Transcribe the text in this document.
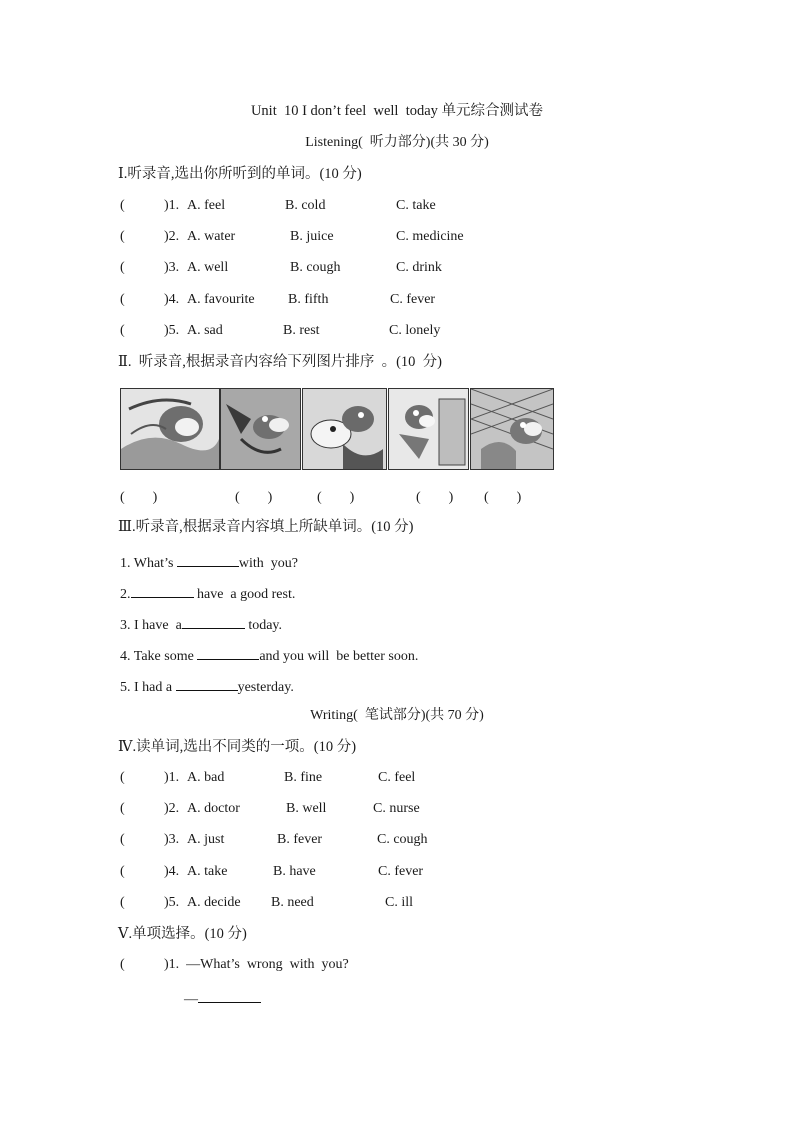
Unit  10 I don’t feel  well  today 单元综合测试卷
Listening(  听力部分)(共 30 分)
Ⅰ.听录音,选出你所听到的单词。(10 分)
(	)1. A. feel	B. cold	C. take
(	)2. A. water	B. juice	C. medicine
(	)3. A. well	B. cough	C. drink
(	)4. A. favourite B. fifth	C. fever
(	)5. A. sad	B. rest	C. lonely
Ⅱ.  听录音,根据录音内容给下列图片排序  。(10  分)
(        )	(        )	(        )	(        ) (        )
Ⅲ.听录音,根据录音内容填上所缺单词。(10 分)
1. What’s	with  you?
2.	have  a good rest.
3. I have  a	today.
4. Take some	and you will  be better soon.
5. I had a	yesterday.
Writing(  笔试部分)(共 70 分)
Ⅳ.读单词,选出不同类的一项。(10 分)
(	)1. A. bad	B. fine	C. feel
(	)2. A. doctor	B. well	C. nurse
(	)3. A. just	B. fever	C. cough
(	)4. A. take	B. have	C. fever
(	)5. A. decide B. need	C. ill
Ⅴ.单项选择。(10 分)
(	)1.  —What’s  wrong  with  you?
—
